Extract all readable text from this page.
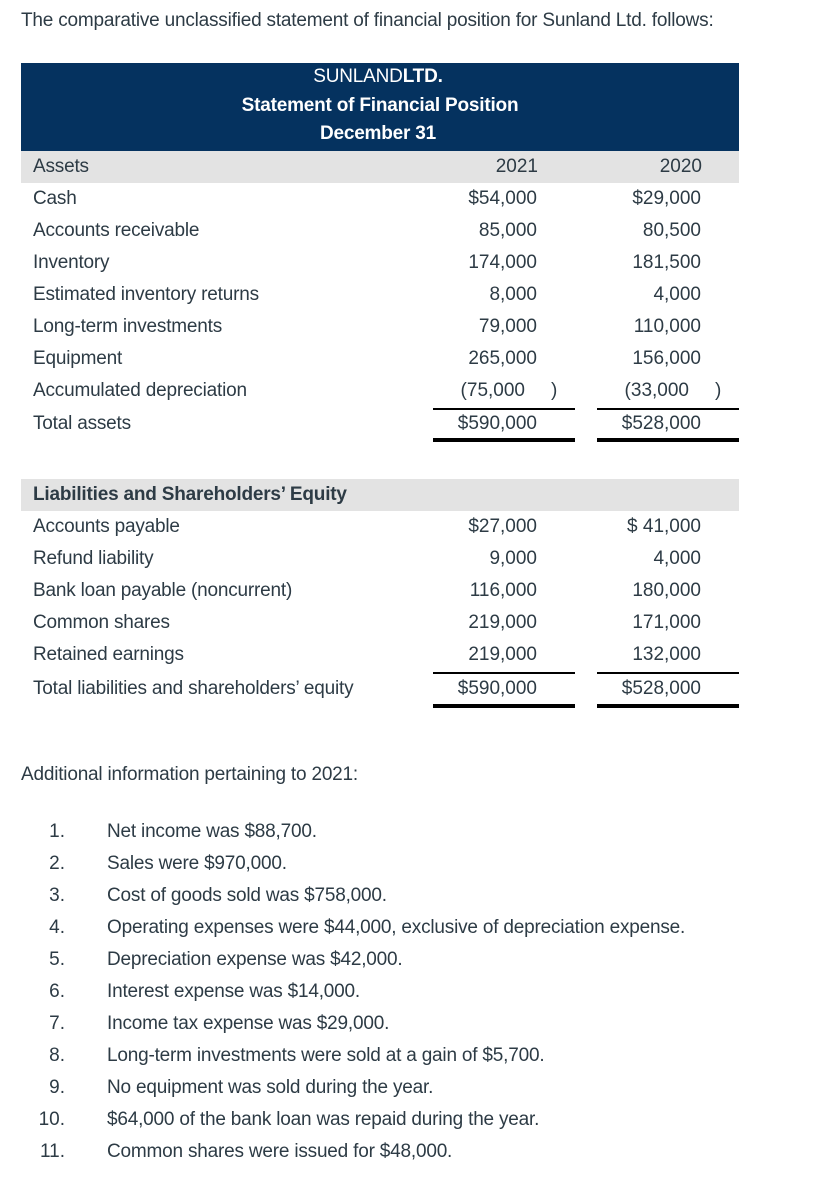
The comparative unclassified statement of financial position for Sunland Ltd. follows:
SUNLANDLTD.
Statement of Financial Position
December 31
Assets	2021	2020
Cash	$54,000	$29,000
Accounts receivable	85,000	80,500
Inventory	174,000	181,500
Estimated inventory returns	8,000	4,000
Long-term investments	79,000	110,000
Equipment	265,000	156,000
Accumulated depreciation	(75,000 )	(33,000 )
Total assets	$590,000	$528,000
Liabilities and Shareholders’ Equity
Accounts payable	$27,000	$ 41,000
Refund liability	9,000	4,000
Bank loan payable (noncurrent)	116,000	180,000
Common shares	219,000	171,000
Retained earnings	219,000	132,000
Total liabilities and shareholders’ equity	$590,000	$528,000
Additional information pertaining to 2021:
1. Net income was $88,700.
2. Sales were $970,000.
3. Cost of goods sold was $758,000.
4. Operating expenses were $44,000, exclusive of depreciation expense.
5. Depreciation expense was $42,000.
6. Interest expense was $14,000.
7. Income tax expense was $29,000.
8. Long-term investments were sold at a gain of $5,700.
9. No equipment was sold during the year.
10. $64,000 of the bank loan was repaid during the year.
11. Common shares were issued for $48,000.
